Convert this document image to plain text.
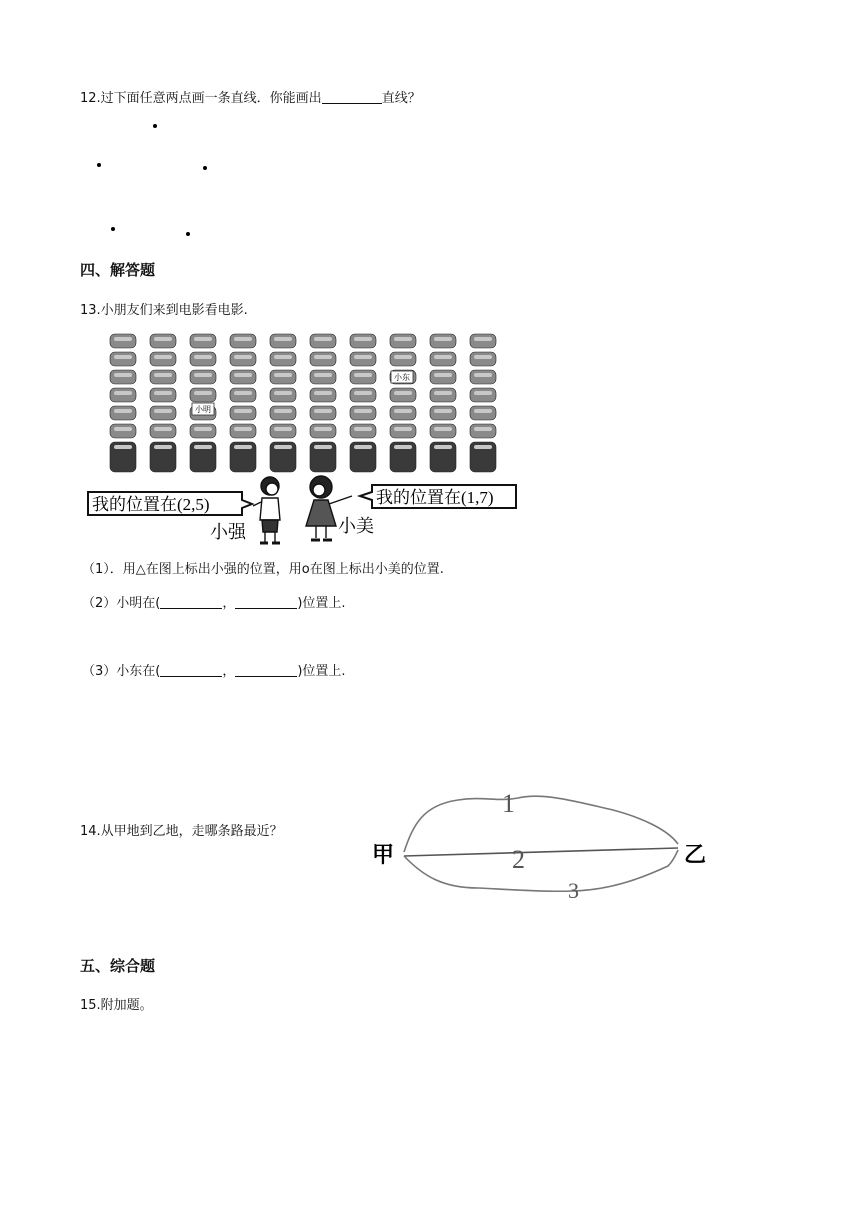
12.过下面任意两点画一条直线．你能画出	直线？
四、解答题
13.小朋友们来到电影看电影.
小东
小明
我的位置在(2,5)	我的位置在(1,7)
小强	小美
（1）．用△在图上标出小强的位置，用o在图上标出小美的位置.
（2）小明在(	，	)位置上.
（3）小东在(	，	)位置上.
14.从甲地到乙地，走哪条路最近？
甲	乙
1
2
3
五、综合题
15.附加题。
